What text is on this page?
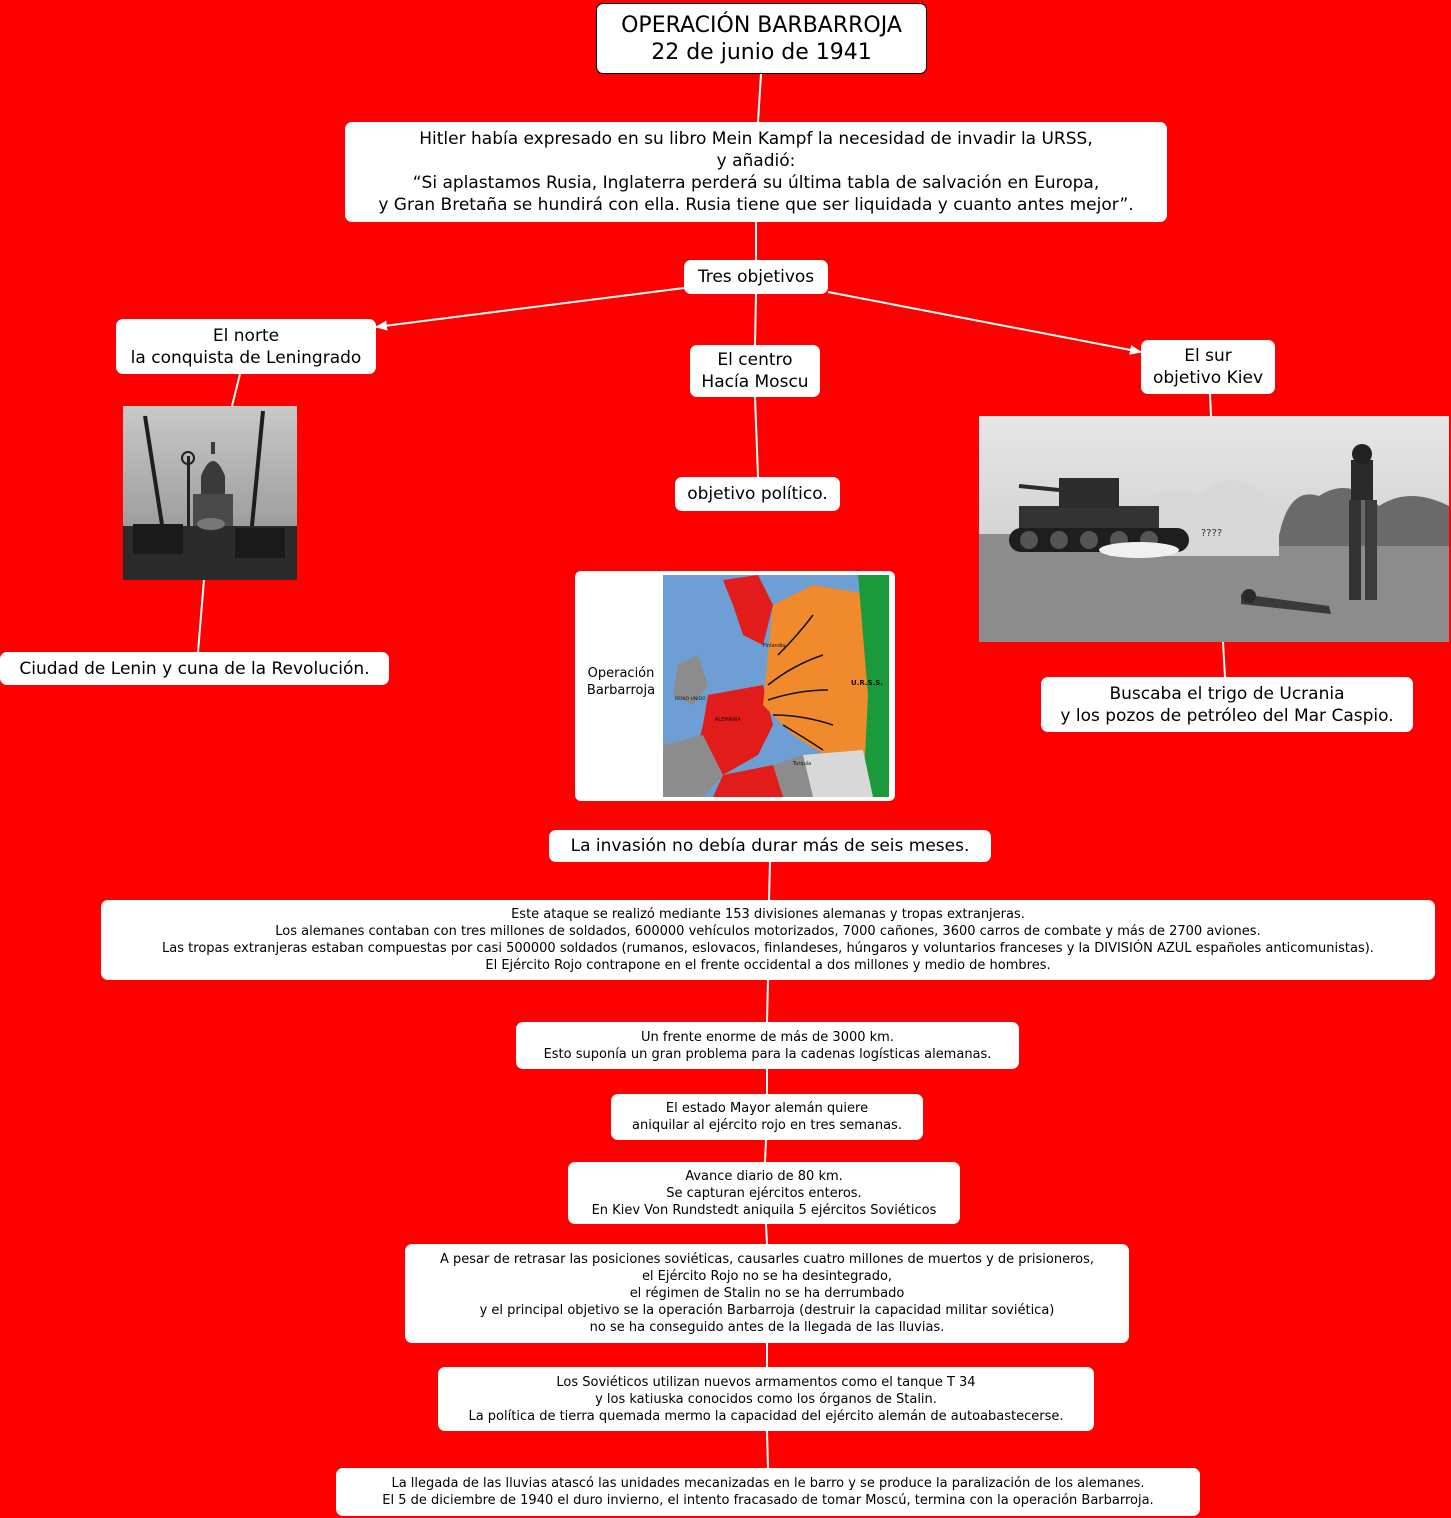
OPERACIÓN BARBARROJA
22 de junio de 1941
Hitler había expresado en su libro Mein Kampf la necesidad de invadir la URSS,
y añadió:
“Si aplastamos Rusia, Inglaterra perderá su última tabla de salvación en Europa,
y Gran Bretaña se hundirá con ella. Rusia tiene que ser liquidada y cuanto antes mejor”.
Tres objetivos
El norte
la conquista de Leningrado	El centro
Hacía Moscu
El sur
objetivo Kiev
objetivo político.
Ciudad de Lenin y cuna de la Revolución.
Buscaba el trigo de Ucrania
y los pozos de petróleo del Mar Caspio.
La invasión no debía durar más de seis meses.
Este ataque se realizó mediante 153 divisiones alemanas y tropas extranjeras.
Los alemanes contaban con tres millones de soldados, 600000 vehículos motorizados, 7000 cañones, 3600 carros de combate y más de 2700 aviones.
Las tropas extranjeras estaban compuestas por casi 500000 soldados (rumanos, eslovacos, finlandeses, húngaros y voluntarios franceses y la DIVISIÓN AZUL españoles anticomunistas).
El Ejército Rojo contrapone en el frente occidental a dos millones y medio de hombres.
Un frente enorme de más de 3000 km.
Esto suponía un gran problema para la cadenas logísticas alemanas.
El estado Mayor alemán quiere
aniquilar al ejército rojo en tres semanas.
Avance diario de 80 km.
Se capturan ejércitos enteros.
En Kiev Von Rundstedt aniquila 5 ejércitos Soviéticos
A pesar de retrasar las posiciones soviéticas, causarles cuatro millones de muertos y de prisioneros,
el Ejército Rojo no se ha desintegrado,
el régimen de Stalin no se ha derrumbado
y el principal objetivo se la operación Barbarroja (destruir la capacidad militar soviética)
no se ha conseguido antes de la llegada de las lluvias.
Los Soviéticos utilizan nuevos armamentos como el tanque T 34
y los katiuska conocidos como los órganos de Stalin.
La política de tierra quemada mermo la capacidad del ejército alemán de autoabastecerse.
La llegada de las lluvias atascó las unidades mecanizadas en le barro y se produce la paralización de los alemanes.
El 5 de diciembre de 1940 el duro invierno, el intento fracasado de tomar Moscú, termina con la operación Barbarroja.
????
Operación
Barbarroja
Finlandia
U.R.S.S.
REINO UNIDO
ALEMANIA
Turquía
